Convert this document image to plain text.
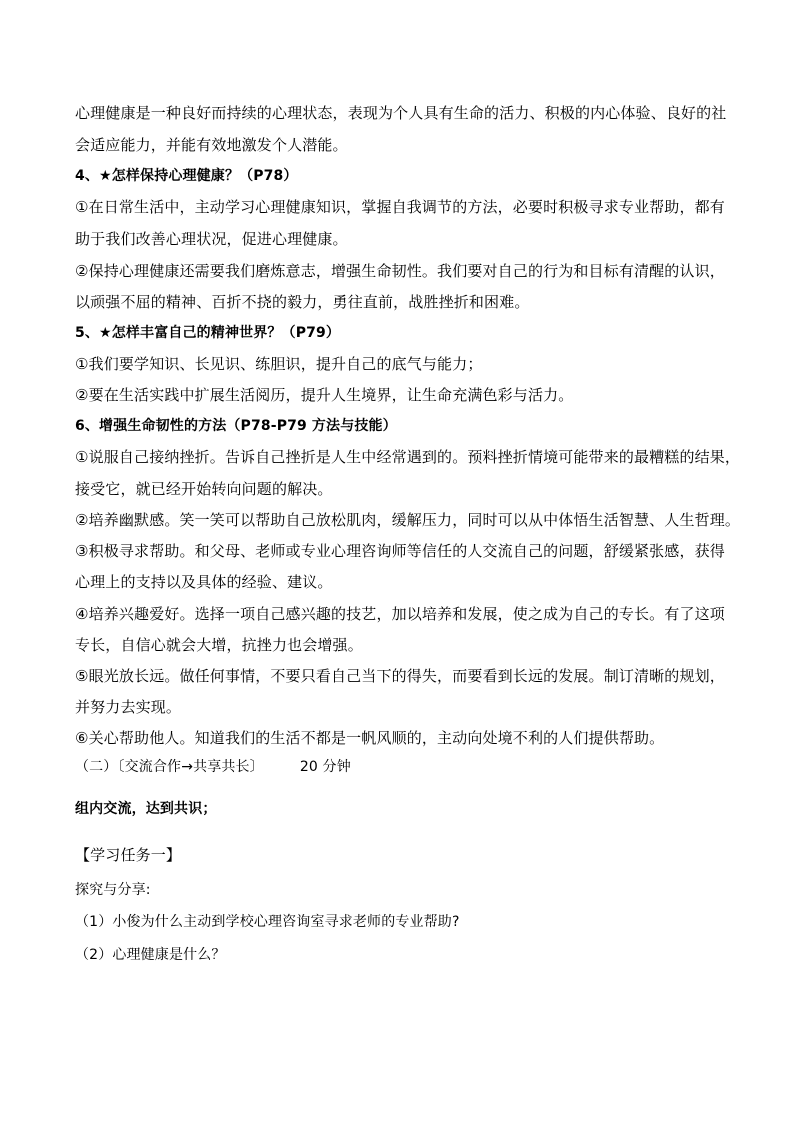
心理健康是一种良好而持续的心理状态，表现为个人具有生命的活力、积极的内心体验、良好的社
会适应能力，并能有效地激发个人潜能。
4、★怎样保持心理健康？（P78）
①在日常生活中，主动学习心理健康知识，掌握自我调节的方法，必要时积极寻求专业帮助，都有
助于我们改善心理状况，促进心理健康。
②保持心理健康还需要我们磨炼意志，增强生命韧性。我们要对自己的行为和目标有清醒的认识，
以顽强不屈的精神、百折不挠的毅力，勇往直前，战胜挫折和困难。
5、★怎样丰富自己的精神世界？（P79）
①我们要学知识、长见识、练胆识，提升自己的底气与能力；
②要在生活实践中扩展生活阅历，提升人生境界，让生命充满色彩与活力。
6、增强生命韧性的方法（P78-P79 方法与技能）
①说服自己接纳挫折。告诉自己挫折是人生中经常遇到的。预料挫折情境可能带来的最糟糕的结果，
接受它，就已经开始转向问题的解决。
②培养幽默感。笑一笑可以帮助自己放松肌肉，缓解压力，同时可以从中体悟生活智慧、人生哲理。
③积极寻求帮助。和父母、老师或专业心理咨询师等信任的人交流自己的问题，舒缓紧张感，获得
心理上的支持以及具体的经验、建议。
④培养兴趣爱好。选择一项自己感兴趣的技艺，加以培养和发展，使之成为自己的专长。有了这项
专长，自信心就会大增，抗挫力也会增强。
⑤眼光放长远。做任何事情，不要只看自己当下的得失，而要看到长远的发展。制订清晰的规划，
并努力去实现。
⑥关心帮助他人。知道我们的生活不都是一帆风顺的，主动向处境不利的人们提供帮助。
（二）〔交流合作→共享共长〕	20 分钟
组内交流，达到共识；
【学习任务一】
探究与分享:
（1）小俊为什么主动到学校心理咨询室寻求老师的专业帮助?
（2）心理健康是什么？
